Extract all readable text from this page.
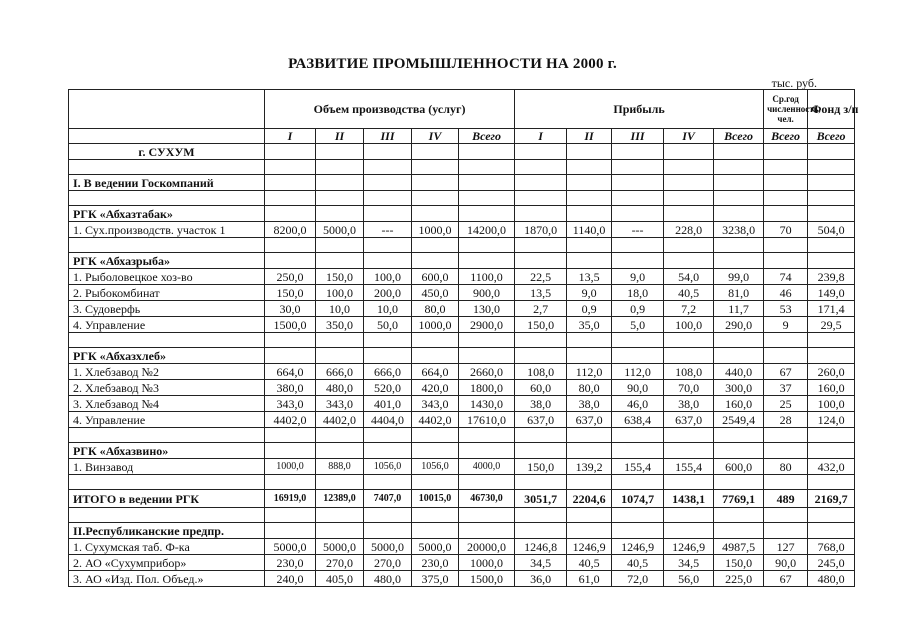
РАЗВИТИЕ ПРОМЫШЛЕННОСТИ НА 2000 г.
тыс. руб.
	Объем производства (услуг)					Прибыль					Ср.год численность, чел.	Фонд з/п
	I	II	III	IV	Всего	I	II	III	IV	Всего	Всего	Всего
г. СУХУМ												

I. В ведении Госкомпаний												

РГК «Абхазтабак»												
1. Сух.производств. участок 1	8200,0	5000,0	---	1000,0	14200,0	1870,0	1140,0	---	228,0	3238,0	70	504,0

РГК «Абхазрыба»												
1. Рыболовецкое хоз-во	250,0	150,0	100,0	600,0	1100,0	22,5	13,5	9,0	54,0	99,0	74	239,8
2. Рыбокомбинат	150,0	100,0	200,0	450,0	900,0	13,5	9,0	18,0	40,5	81,0	46	149,0
3. Судоверфь	30,0	10,0	10,0	80,0	130,0	2,7	0,9	0,9	7,2	11,7	53	171,4
4. Управление	1500,0	350,0	50,0	1000,0	2900,0	150,0	35,0	5,0	100,0	290,0	9	29,5

РГК «Абхазхлеб»												
1. Хлебзавод №2	664,0	666,0	666,0	664,0	2660,0	108,0	112,0	112,0	108,0	440,0	67	260,0
2. Хлебзавод №3	380,0	480,0	520,0	420,0	1800,0	60,0	80,0	90,0	70,0	300,0	37	160,0
3. Хлебзавод №4	343,0	343,0	401,0	343,0	1430,0	38,0	38,0	46,0	38,0	160,0	25	100,0
4. Управление	4402,0	4402,0	4404,0	4402,0	17610,0	637,0	637,0	638,4	637,0	2549,4	28	124,0

РГК «Абхазвино»												
1. Винзавод	1000,0	888,0	1056,0	1056,0	4000,0	150,0	139,2	155,4	155,4	600,0	80	432,0

ИТОГО в ведении РГК	16919,0	12389,0	7407,0	10015,0	46730,0	3051,7	2204,6	1074,7	1438,1	7769,1	489	2169,7

II.Республиканские предпр.												
1. Сухумская таб. Ф-ка	5000,0	5000,0	5000,0	5000,0	20000,0	1246,8	1246,9	1246,9	1246,9	4987,5	127	768,0
2. АО «Сухумприбор»	230,0	270,0	270,0	230,0	1000,0	34,5	40,5	40,5	34,5	150,0	90,0	245,0
3. АО «Изд. Пол. Объед.»	240,0	405,0	480,0	375,0	1500,0	36,0	61,0	72,0	56,0	225,0	67	480,0
